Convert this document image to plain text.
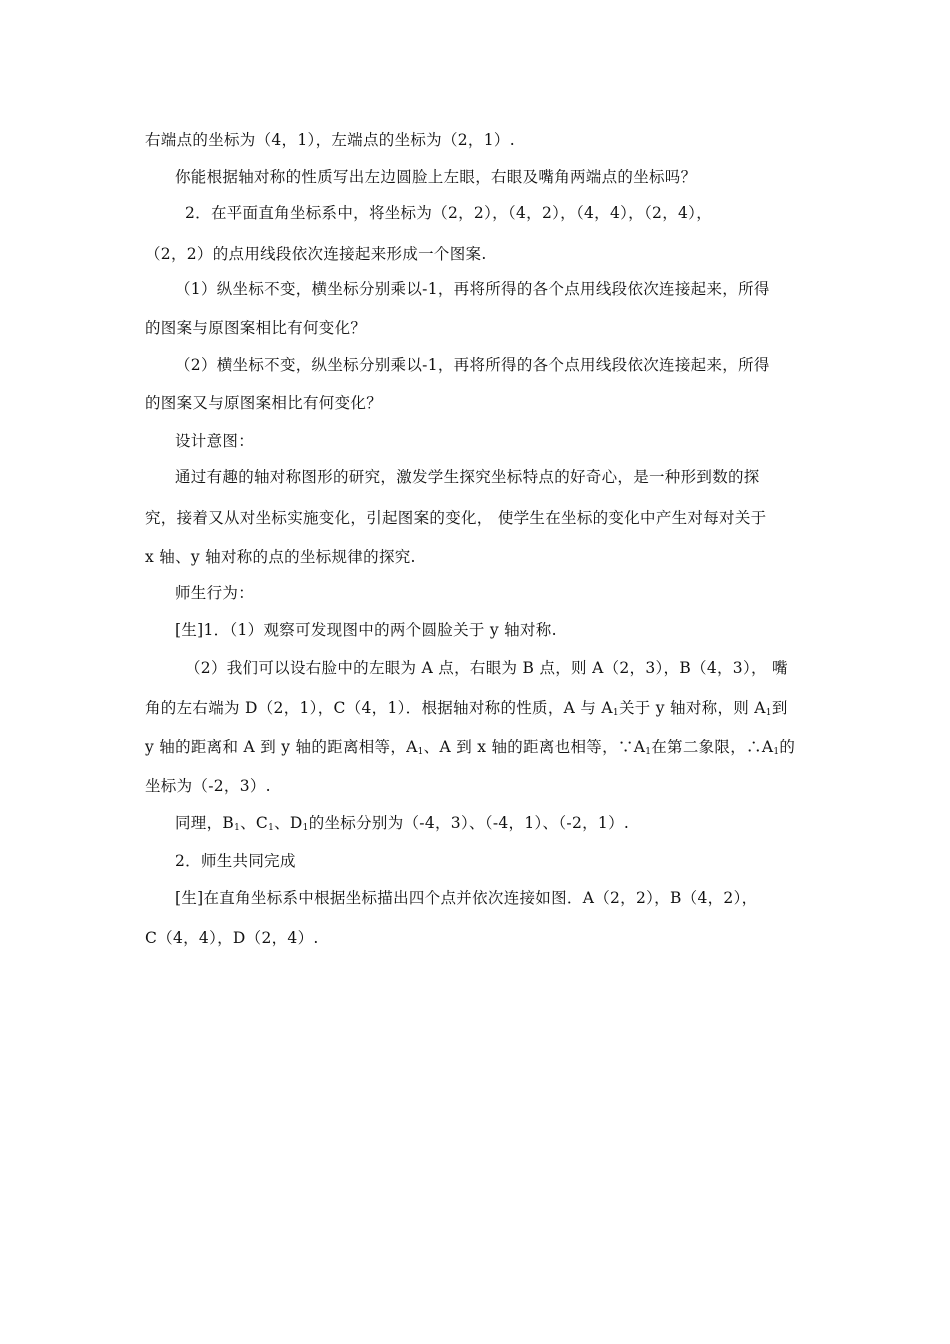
右端点的坐标为（4，1），左端点的坐标为（2，1）.
你能根据轴对称的性质写出左边圆脸上左眼，右眼及嘴角两端点的坐标吗？
2．在平面直角坐标系中，将坐标为（2，2），（4，2），（4，4），（2，4），
（2，2）的点用线段依次连接起来形成一个图案.
（1）纵坐标不变，横坐标分别乘以-1，再将所得的各个点用线段依次连接起来，所得
的图案与原图案相比有何变化？
（2）横坐标不变，纵坐标分别乘以-1，再将所得的各个点用线段依次连接起来，所得
的图案又与原图案相比有何变化？
设计意图：
通过有趣的轴对称图形的研究，激发学生探究坐标特点的好奇心，是一种形到数的探
究，接着又从对坐标实施变化，引起图案的变化， 使学生在坐标的变化中产生对每对关于
x 轴、y 轴对称的点的坐标规律的探究.
师生行为：
[生]1．（1）观察可发现图中的两个圆脸关于 y 轴对称.
（2）我们可以设右脸中的左眼为 A 点，右眼为 B 点，则 A（2，3），B（4，3）， 嘴
角的左右端为 D（2，1），C（4，1）．根据轴对称的性质，A 与 $A_1$关于 y 轴对称，则 $A_1$到
y 轴的距离和 A 到 y 轴的距离相等，$A_1$、A 到 x 轴的距离也相等，$\because A_1$在第二象限，$\therefore A_1$的
坐标为（-2，3）.
同理，$B_1$、$C_1$、$D_1$的坐标分别为（-4，3）、（-4，1）、（-2，1）.
2．师生共同完成
[生]在直角坐标系中根据坐标描出四个点并依次连接如图．A（2，2），B（4，2），
C（4，4），D（2，4）.
